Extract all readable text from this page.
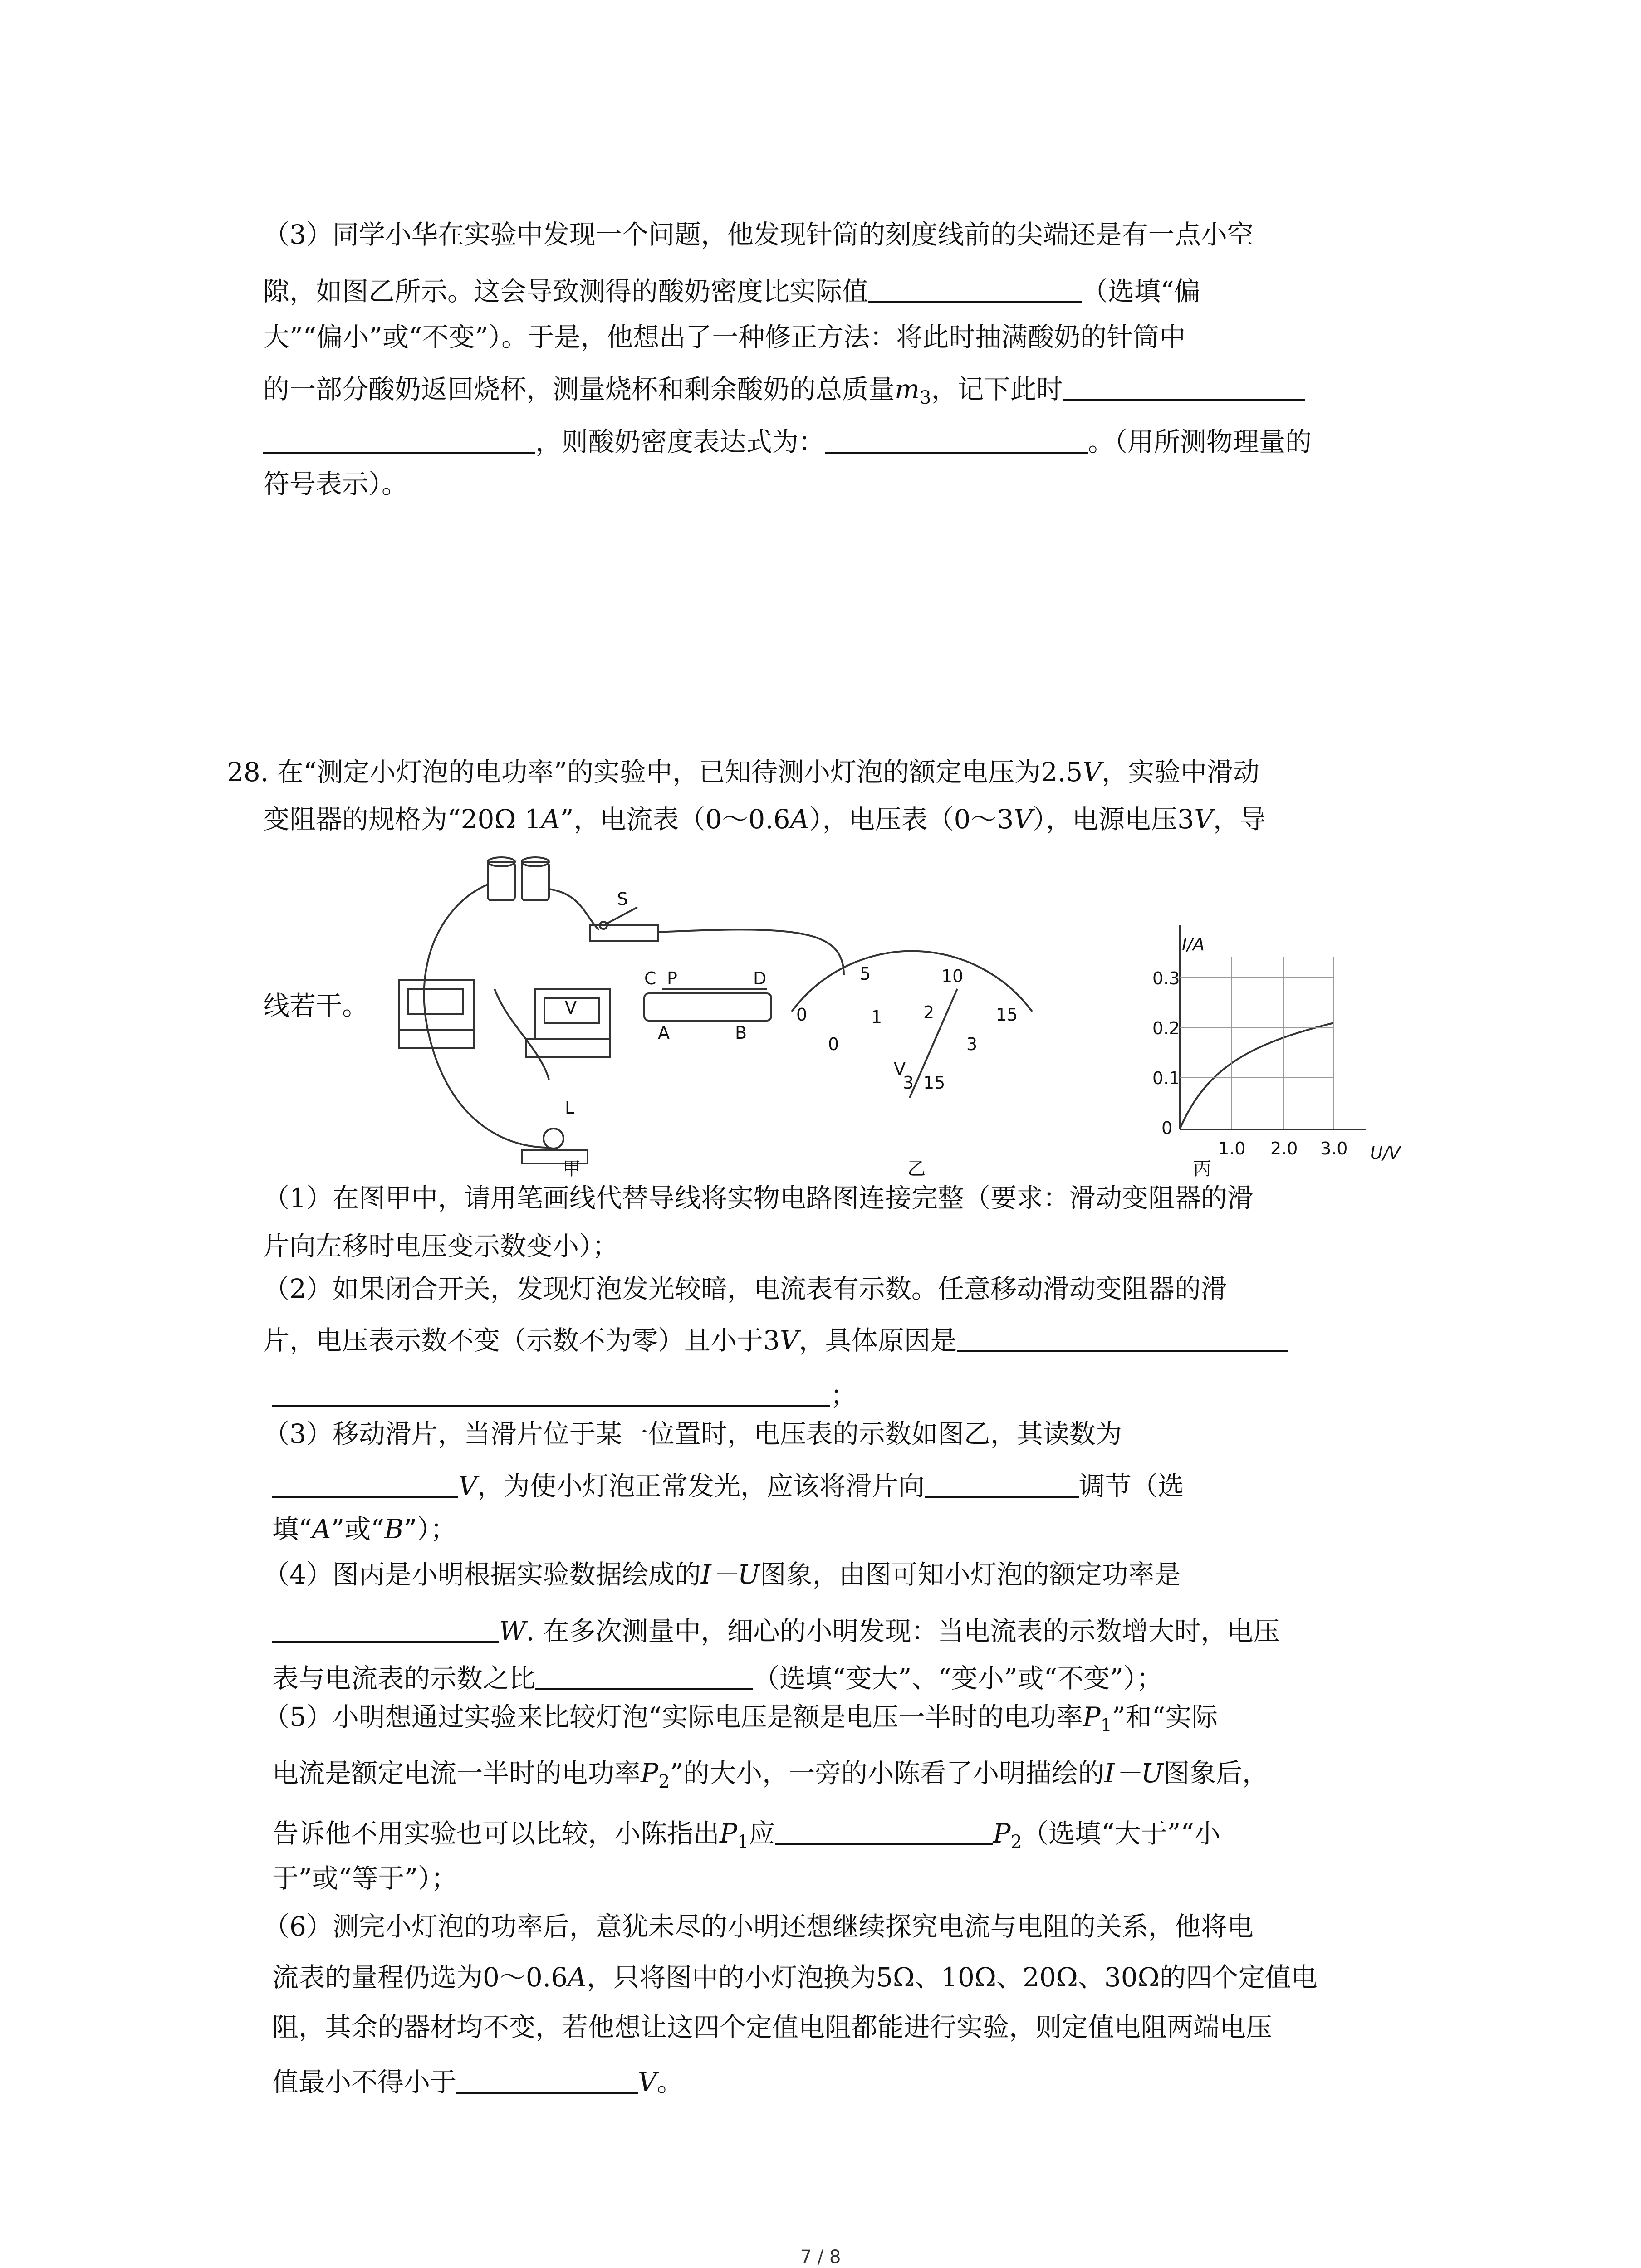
（3）同学小华在实验中发现一个问题，他发现针筒的刻度线前的尖端还是有一点小空
隙，如图乙所示。这会导致测得的酸奶密度比实际值	（选填“偏
大”“偏小”或“不变”）。于是，他想出了一种修正方法：将此时抽满酸奶的针筒中
的一部分酸奶返回烧杯，测量烧杯和剩余酸奶的总质量$m_3$，记下此时
，则酸奶密度表达式为：	。（用所测物理量的
符号表示）。
28. 在“测定小灯泡的电功率”的实验中，已知待测小灯泡的额定电压为2.5V，实验中滑动
变阻器的规格为“20Ω 1A”，电流表（0～0.6A），电压表（0～3V），电源电压3V，导
线若干。
S
L
V
C P	D
A	B
0
5	10
15
0
1 2
3
V
3 15
I/A
0.3
0.2
0.1
0
1.0 2.0 3.0 U/V
甲	乙	丙
（1）在图甲中，请用笔画线代替导线将实物电路图连接完整（要求：滑动变阻器的滑
片向左移时电压变示数变小）；
（2）如果闭合开关，发现灯泡发光较暗，电流表有示数。任意移动滑动变阻器的滑
片，电压表示数不变（示数不为零）且小于3V，具体原因是
；
（3）移动滑片，当滑片位于某一位置时，电压表的示数如图乙，其读数为
V，为使小灯泡正常发光，应该将滑片向	调节（选
填“A”或“B”）；
（4）图丙是小明根据实验数据绘成的I－U图象，由图可知小灯泡的额定功率是
W. 在多次测量中，细心的小明发现：当电流表的示数增大时，电压
表与电流表的示数之比	（选填“变大”、“变小”或“不变”）；
（5）小明想通过实验来比较灯泡“实际电压是额是电压一半时的电功率$P_1$”和“实际
电流是额定电流一半时的电功率$P_2$”的大小，一旁的小陈看了小明描绘的I－U图象后，
告诉他不用实验也可以比较，小陈指出$P_1$应	$P_2$（选填“大于”“小
于”或“等于”）；
（6）测完小灯泡的功率后，意犹未尽的小明还想继续探究电流与电阻的关系，他将电
流表的量程仍选为0～0.6A，只将图中的小灯泡换为5Ω、10Ω、20Ω、30Ω的四个定值电
阻，其余的器材均不变，若他想让这四个定值电阻都能进行实验，则定值电阻两端电压
值最小不得小于	V。
7 / 8
